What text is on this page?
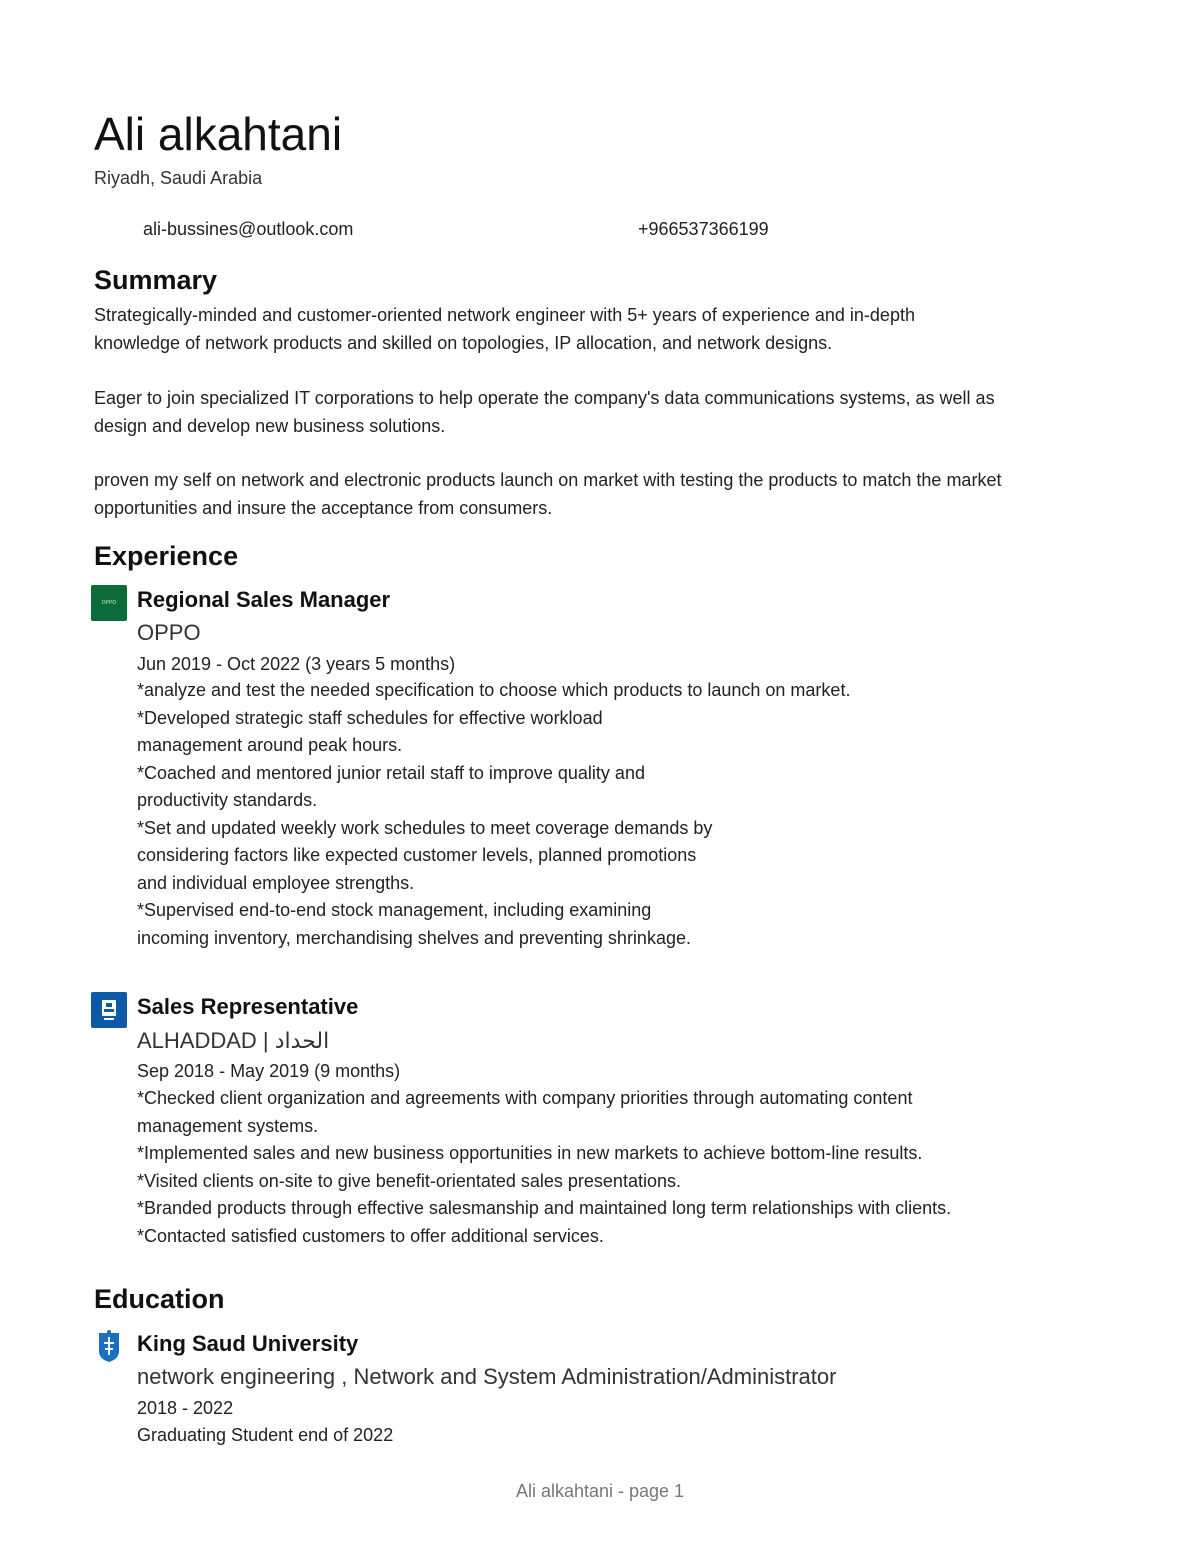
Ali alkahtani
Riyadh, Saudi Arabia
ali-bussines@outlook.com	+966537366199
Summary
Strategically-minded and customer-oriented network engineer with 5+ years of experience and in-depth
knowledge of network products and skilled on topologies, IP allocation, and network designs.
Eager to join specialized IT corporations to help operate the company's data communications systems, as well as
design and develop new business solutions.
proven my self on network and electronic products launch on market with testing the products to match the market
opportunities and insure the acceptance from consumers.
Experience
OPPO Regional Sales Manager
OPPO
Jun 2019 - Oct 2022 (3 years 5 months)
*analyze and test the needed specification to choose which products to launch on market.
*Developed strategic staff schedules for effective workload
management around peak hours.
*Coached and mentored junior retail staff to improve quality and
productivity standards.
*Set and updated weekly work schedules to meet coverage demands by
considering factors like expected customer levels, planned promotions
and individual employee strengths.
*Supervised end-to-end stock management, including examining
incoming inventory, merchandising shelves and preventing shrinkage.
Sales Representative
ALHADDAD | الحداد
Sep 2018 - May 2019 (9 months)
*Checked client organization and agreements with company priorities through automating content
management systems.
*Implemented sales and new business opportunities in new markets to achieve bottom-line results.
*Visited clients on-site to give benefit-orientated sales presentations.
*Branded products through effective salesmanship and maintained long term relationships with clients.
*Contacted satisfied customers to offer additional services.
Education
King Saud University
network engineering , Network and System Administration/Administrator
2018 - 2022
Graduating Student end of 2022
Ali alkahtani - page 1
